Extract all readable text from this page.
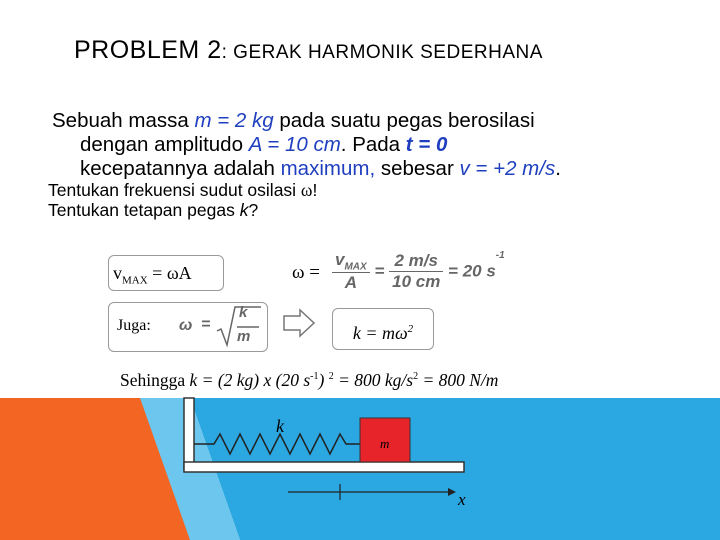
PROBLEM 2: GERAK HARMONIK SEDERHANA
Sebuah massa m = 2 kg pada suatu pegas berosilasi
dengan amplitudo A = 10 cm. Pada t = 0
kecepatannya adalah maximum, sebesar v = +2 m/s.
Tentukan frekuensi sudut osilasi ω!
Tentukan tetapan pegas k?
$v_{MAX} = \omega A$	$\omega = \frac{v_{MAX}}{A} = \frac{2 m/s}{10 cm} = 20$ $s^{-1}$
Juga: ω =
k
m	$k = m\omega^2$
Sehingga k = (2 kg) x (20 $s^{-1}$) $^2$ = 800 $kg/s^2 = 800$ N/m
k
m
x
